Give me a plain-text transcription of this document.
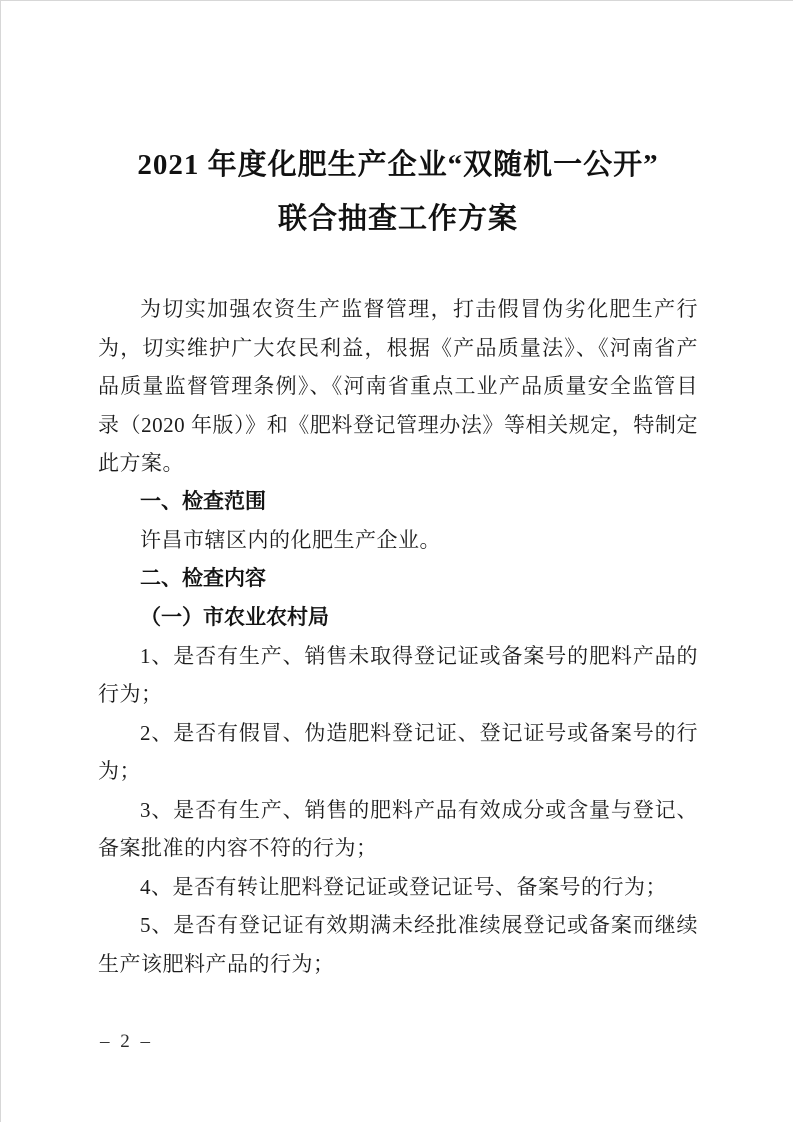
2021 年度化肥生产企业“双随机一公开”
联合抽查工作方案

为切实加强农资生产监督管理，打击假冒伪劣化肥生产行为，切实维护广大农民利益，根据《产品质量法》、《河南省产品质量监督管理条例》、《河南省重点工业产品质量安全监管目录（2020 年版）》和《肥料登记管理办法》等相关规定，特制定此方案。

一、检查范围

许昌市辖区内的化肥生产企业。

二、检查内容
（一）市农业农村局

1、是否有生产、销售未取得登记证或备案号的肥料产品的行为；

2、是否有假冒、伪造肥料登记证、登记证号或备案号的行为；

3、是否有生产、销售的肥料产品有效成分或含量与登记、备案批准的内容不符的行为；

4、是否有转让肥料登记证或登记证号、备案号的行为；

5、是否有登记证有效期满未经批准续展登记或备案而继续生产该肥料产品的行为；

– 2 –
